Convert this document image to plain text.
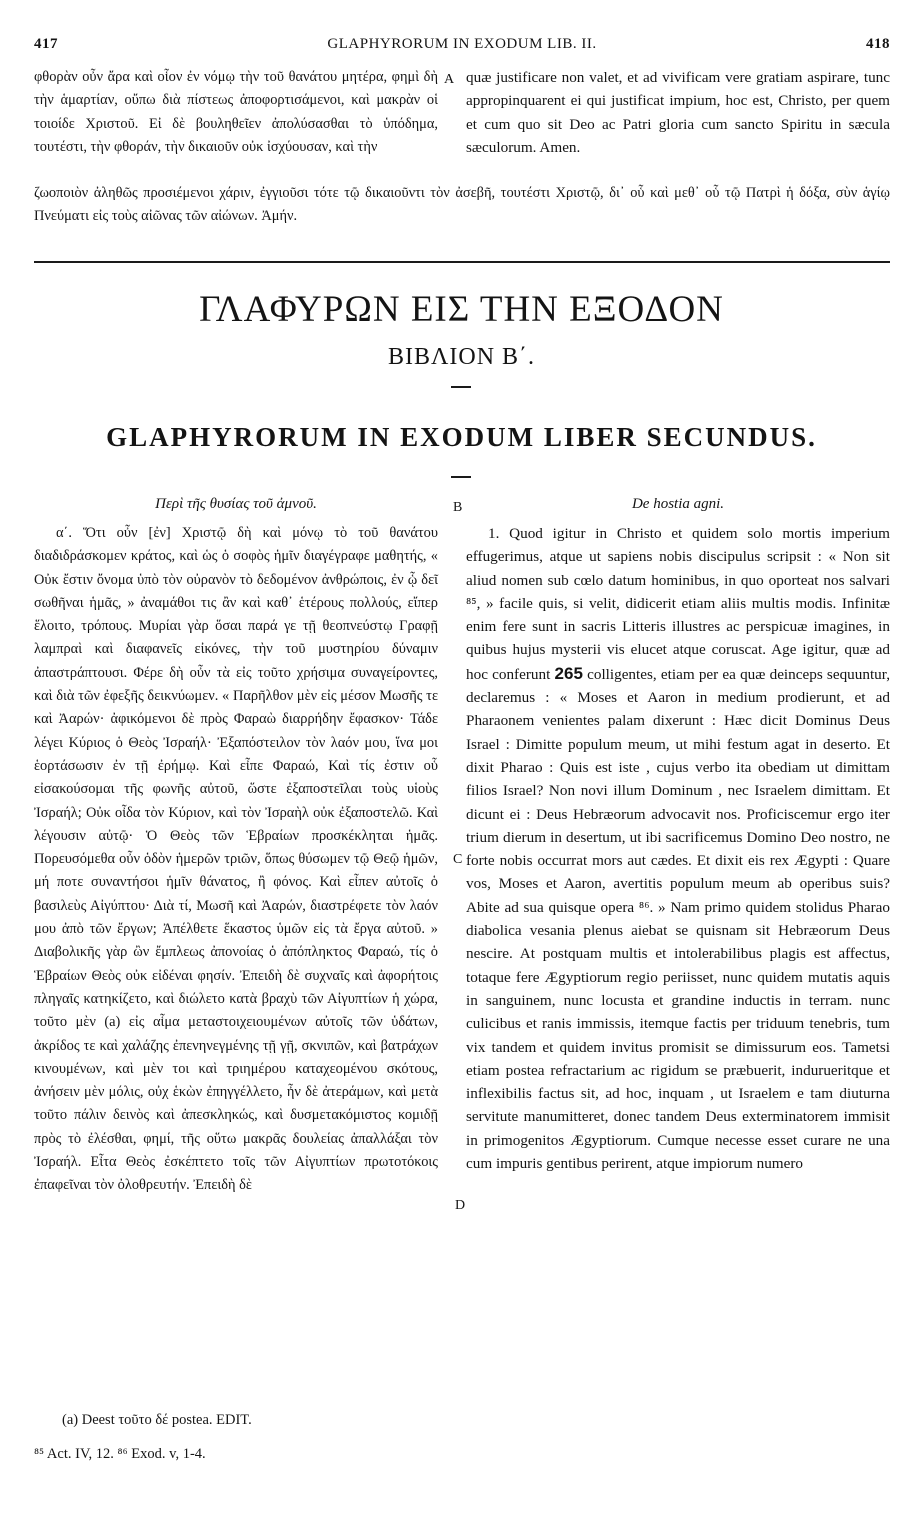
417	GLAPHYRORUM IN EXODUM LIB. II.	418
φθορὰν οὖν ἄρα καὶ οἷον ἐν νόμῳ τὴν τοῦ θανάτου μητέρα, φημὶ δὴ τὴν ἁμαρτίαν, οὔπω διὰ πίστεως ἀποφορτισάμενοι, καὶ μακρὰν οἱ τοιοίδε Χριστοῦ. Εἰ δὲ βουληθεῖεν ἀπολύσασθαι τὸ ὑπόδημα, τουτέστι, τὴν φθοράν, τὴν δικαιοῦν οὐκ ἰσχύουσαν, καὶ τὴν
A quæ justificare non valet, et ad vivificam vere gratiam aspirare, tunc appropinquarent ei qui justificat impium, hoc est, Christo, per quem et cum quo sit Deo ac Patri gloria cum sancto Spiritu in sæcula sæculorum. Amen.
ζωοποιὸν ἀληθῶς προσιέμενοι χάριν, ἐγγιοῦσι τότε τῷ δικαιοῦντι τὸν ἀσεβῆ, τουτέστι Χριστῷ, δι᾽ οὗ καὶ μεθ᾽ οὗ τῷ Πατρὶ ἡ δόξα, σὺν ἁγίῳ Πνεύματι εἰς τοὺς αἰῶνας τῶν αἰώνων. Ἀμήν.
ΓΛΑΦΥΡΩΝ ΕΙΣ ΤΗΝ ΕΞΟΔΟΝ
ΒΙΒΛΙΟΝ Β΄.
GLAPHYRORUM IN EXODUM LIBER SECUNDUS.
Περὶ τῆς θυσίας τοῦ ἀμνοῦ.	B	De hostia agni.
α΄. Ὅτι οὖν [ἐν] Χριστῷ δὴ καὶ μόνῳ τὸ τοῦ θανάτου διαδιδράσκομεν κράτος, καὶ ὡς ὁ σοφὸς ἡμῖν διαγέγραφε μαθητής, « Οὐκ ἔστιν ὄνομα ὑπὸ τὸν οὐρανὸν τὸ δεδομένον ἀνθρώποις, ἐν ᾧ δεῖ σωθῆναι ἡμᾶς, » ἀναμάθοι τις ἂν καὶ καθ᾽ ἑτέρους πολλούς, εἴπερ ἕλοιτο, τρόπους. Μυρίαι γὰρ ὅσαι παρά γε τῇ θεοπνεύστῳ Γραφῇ λαμπραὶ καὶ διαφανεῖς εἰκόνες, τὴν τοῦ μυστηρίου δύναμιν ἀπαστράπτουσι. Φέρε δὴ οὖν τὰ εἰς τοῦτο χρήσιμα συναγείροντες, καὶ διὰ τῶν ἐφεξῆς δεικνύωμεν. « Παρῆλθον μὲν εἰς μέσον Μωσῆς τε καὶ Ἀαρών· ἀφικόμενοι δὲ πρὸς Φαραὼ διαρρήδην ἔφασκον· Τάδε λέγει Κύριος ὁ Θεὸς Ἰσραήλ· Ἐξαπόστειλον τὸν λαόν μου, ἵνα μοι ἑορτάσωσιν ἐν τῇ ἐρήμῳ. Καὶ εἶπε Φαραώ, Καὶ τίς ἐστιν οὗ εἰσακούσομαι τῆς φωνῆς αὐτοῦ, ὥστε ἐξαποστεῖλαι τοὺς υἱοὺς Ἰσραήλ; Οὐκ οἶδα τὸν Κύριον, καὶ τὸν Ἰσραὴλ οὐκ ἐξαποστελῶ. Καὶ λέγουσιν αὐτῷ· Ὁ Θεὸς τῶν Ἑβραίων προσκέκληται ἡμᾶς. Πορευσόμεθα οὖν ὁδὸν ἡμερῶν τριῶν, ὅπως θύσωμεν τῷ Θεῷ ἡμῶν, μή ποτε συναντήσοι ἡμῖν θάνατος, ἢ φόνος. Καὶ εἶπεν αὐτοῖς ὁ βασιλεὺς Αἰγύπτου· Διὰ τί, Μωσῆ καὶ Ἀαρών, διαστρέφετε τὸν λαόν μου ἀπὸ τῶν ἔργων; Ἀπέλθετε ἕκαστος ὑμῶν εἰς τὰ ἔργα αὐτοῦ. » Διαβολικῆς γὰρ ὢν ἔμπλεως ἀπονοίας ὁ ἀπόπληκτος Φαραώ, τίς ὁ Ἑβραίων Θεὸς οὐκ εἰδέναι φησίν. Ἐπειδὴ δὲ συχναῖς καὶ ἀφορήτοις πληγαῖς κατηκίζετο, καὶ διώλετο κατὰ βραχὺ τῶν Αἰγυπτίων ἡ χώρα, τοῦτο μὲν (a) εἰς αἷμα μεταστοιχειουμένων αὐτοῖς τῶν ὑδάτων, ἀκρίδος τε καὶ χαλάζης ἐπενηνεγμένης τῇ γῇ, σκνιπῶν, καὶ βατράχων κινουμένων, καὶ μὲν τοι καὶ τριημέρου καταχεομένου σκότους, ἀνήσειν μὲν μόλις, οὐχ ἑκὼν ἐπηγγέλλετο, ἦν δὲ ἀτεράμων, καὶ μετὰ τοῦτο πάλιν δεινὸς καὶ ἀπεσκληκώς, καὶ δυσμετακόμιστος κομιδῇ πρὸς τὸ ἐλέσθαι, φημί, τῆς οὕτω μακρᾶς δουλείας ἀπαλλάξαι τὸν Ἰσραήλ. Εἶτα Θεὸς ἐσκέπτετο τοῖς τῶν Αἰγυπτίων πρωτοτόκοις ἐπαφεῖναι τὸν ὀλοθρευτήν. Ἐπειδὴ δὲ
1. Quod igitur in Christo et quidem solo mortis imperium effugerimus, atque ut sapiens nobis discipulus scripsit : « Non sit aliud nomen sub cœlo datum hominibus, in quo oporteat nos salvari ⁸⁵, » facile quis, si velit, didicerit etiam aliis multis modis. Infinitæ enim fere sunt in sacris Litteris illustres ac perspicuæ imagines, in quibus hujus mysterii vis elucet atque coruscat. Age igitur, quæ ad hoc conferunt 265 colligentes, etiam per ea quæ deinceps sequuntur, declaremus : « Moses et Aaron in medium prodierunt, et ad Pharaonem venientes palam dixerunt : Hæc dicit Dominus Deus Israel : Dimitte populum meum, ut mihi festum agat in deserto. Et dixit Pharao : Quis est iste , cujus verbo ita obediam ut dimittam filios Israel? Non novi illum Dominum , nec Israelem dimittam. Et dicunt ei : Deus Hebræorum advocavit nos. Proficiscemur ergo iter trium dierum in desertum, ut ibi sacrificemus Domino Deo nostro, ne forte nobis occurrat mors aut cædes. Et dixit eis rex Ægypti : Quare vos, Moses et Aaron, avertitis populum meum ab operibus suis? Abite ad sua quisque opera ⁸⁶. » Nam primo quidem stolidus Pharao diabolica vesania plenus aiebat se quisnam sit Hebræorum Deus nescire. At postquam multis et intolerabilibus plagis est affectus, totaque fere Ægyptiorum regio periisset, nunc quidem mutatis aquis in sanguinem, nunc locusta et grandine inductis in terram. nunc culicibus et ranis immissis, itemque factis per triduum tenebris, tum vix tandem et quidem invitus promisit se dimissurum eos. Tametsi etiam postea refractarium ac rigidum se præbuerit, indurueritque et inflexibilis factus sit, ad hoc, inquam , ut Israelem e tam diuturna servitute manumitteret, donec tandem Deus exterminatorem immisit in primogenitos Ægyptiorum. Cumque necesse esset curare ne una cum impuris gentibus perirent, atque impiorum numero
C
D
(a) Deest τοῦτο δέ postea. EDIT.
⁸⁵ Act. IV, 12. ⁸⁶ Exod. v, 1-4.
